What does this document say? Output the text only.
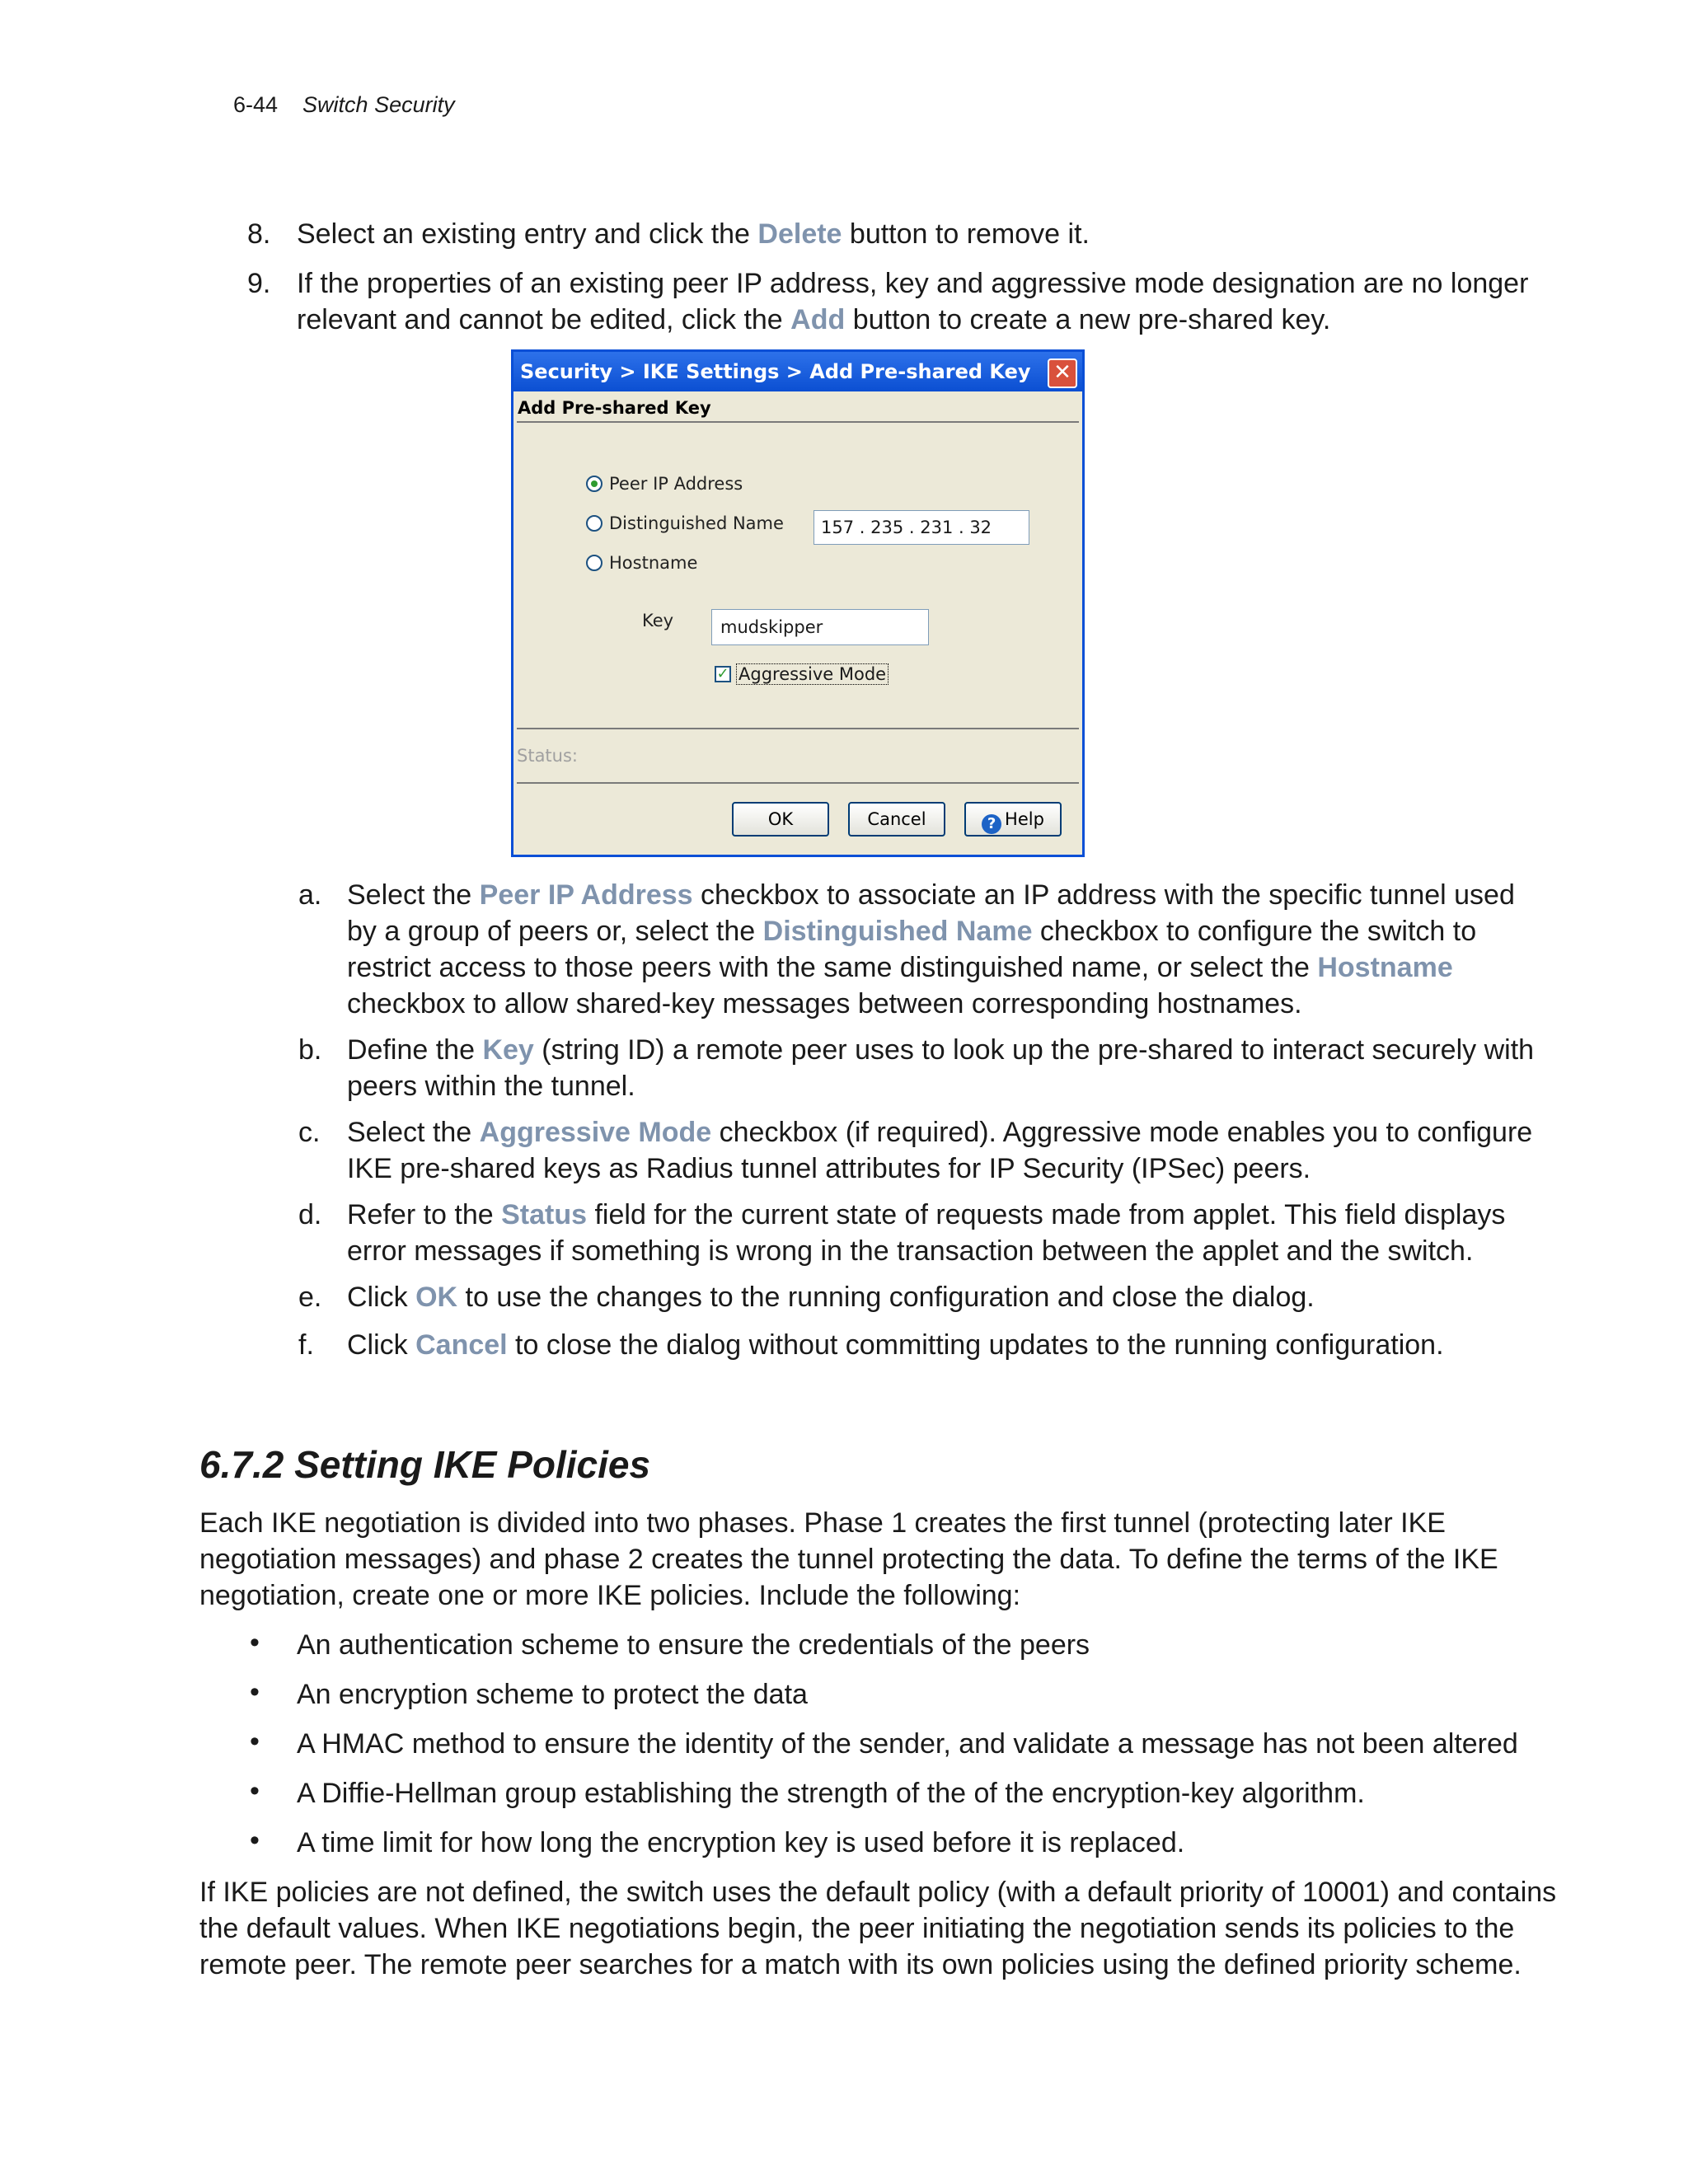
6-44 Switch Security
8. Select an existing entry and click the Delete button to remove it.
9. If the properties of an existing peer IP address, key and aggressive mode designation are no longer
relevant and cannot be edited, click the Add button to create a new pre-shared key.
Security > IKE Settings > Add Pre-shared Key ✕
Add Pre-shared Key
Peer IP Address
Distinguished Name
Hostname
157 . 235 . 231 . 32
Key	mudskipper
✓ Aggressive Mode
Status:
OK	Cancel	? Help
a. Select the Peer IP Address checkbox to associate an IP address with the specific tunnel used
by a group of peers or, select the Distinguished Name checkbox to configure the switch to
restrict access to those peers with the same distinguished name, or select the Hostname
checkbox to allow shared-key messages between corresponding hostnames.
b. Define the Key (string ID) a remote peer uses to look up the pre-shared to interact securely with
peers within the tunnel.
c. Select the Aggressive Mode checkbox (if required). Aggressive mode enables you to configure
IKE pre-shared keys as Radius tunnel attributes for IP Security (IPSec) peers.
d. Refer to the Status field for the current state of requests made from applet. This field displays
error messages if something is wrong in the transaction between the applet and the switch.
e. Click OK to use the changes to the running configuration and close the dialog.
f. Click Cancel to close the dialog without committing updates to the running configuration.
6.7.2 Setting IKE Policies
Each IKE negotiation is divided into two phases. Phase 1 creates the first tunnel (protecting later IKE
negotiation messages) and phase 2 creates the tunnel protecting the data. To define the terms of the IKE
negotiation, create one or more IKE policies. Include the following:
• An authentication scheme to ensure the credentials of the peers
• An encryption scheme to protect the data
• A HMAC method to ensure the identity of the sender, and validate a message has not been altered
• A Diffie-Hellman group establishing the strength of the of the encryption-key algorithm.
• A time limit for how long the encryption key is used before it is replaced.
If IKE policies are not defined, the switch uses the default policy (with a default priority of 10001) and contains
the default values. When IKE negotiations begin, the peer initiating the negotiation sends its policies to the
remote peer. The remote peer searches for a match with its own policies using the defined priority scheme.
